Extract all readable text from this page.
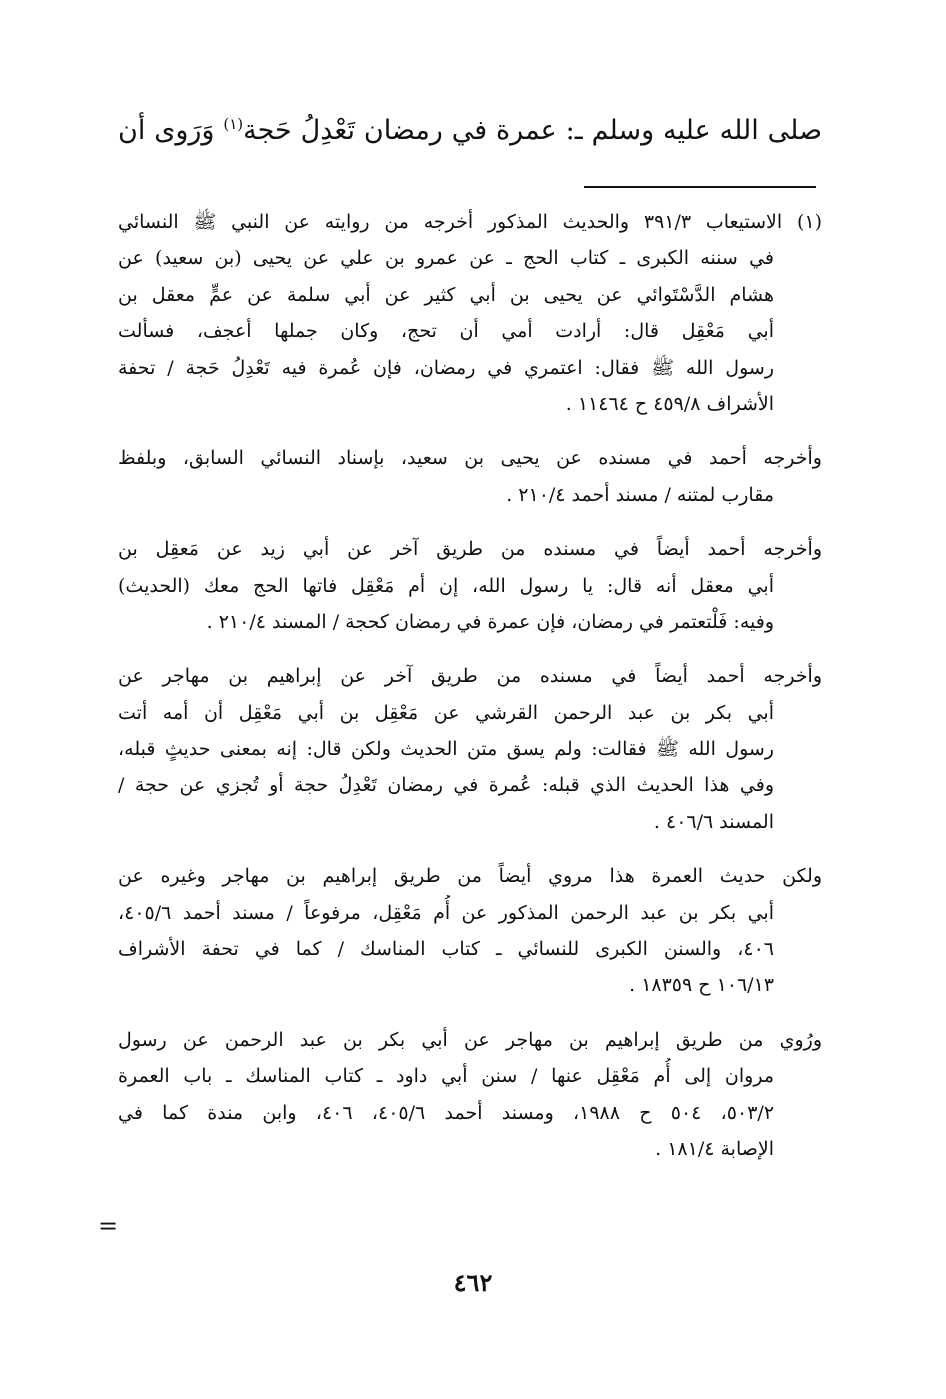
صلى الله عليه وسلم ـ: عمرة في رمضان تَعْدِلُ حَجة$^{(١)}$ وَرَوى أن
(١) الاستيعاب ٣٩١/٣ والحديث المذكور أخرجه من روايته عن النبي ﷺ النسائي
في سننه الكبرى ـ كتاب الحج ـ عن عمرو بن علي عن يحيى (بن سعيد) عن
هشام الدَّسْتَوائي عن يحيى بن أبي كثير عن أبي سلمة عن عمٍّ معقل بن
أبي مَعْقِل قال: أرادت أمي أن تحج، وكان جملها أعجف، فسألت
رسول الله ﷺ فقال: اعتمري في رمضان، فإن عُمرة فيه تَعْدِلُ حَجة / تحفة
الأشراف ٤٥٩/٨ ح ١١٤٦٤ .
وأخرجه أحمد في مسنده عن يحيى بن سعيد، بإسناد النسائي السابق، وبلفظ
مقارب لمتنه / مسند أحمد ٢١٠/٤ .
وأخرجه أحمد أيضاً في مسنده من طريق آخر عن أبي زيد عن مَعقِل بن
أبي معقل أنه قال: يا رسول الله، إن أم مَعْقِل فاتها الحج معك (الحديث)
وفيه: فَلْتعتمر في رمضان، فإن عمرة في رمضان كحجة / المسند ٢١٠/٤ .
وأخرجه أحمد أيضاً في مسنده من طريق آخر عن إبراهيم بن مهاجر عن
أبي بكر بن عبد الرحمن القرشي عن مَعْقِل بن أبي مَعْقِل أن أمه أتت
رسول الله ﷺ فقالت: ولم يسق متن الحديث ولكن قال: إنه بمعنى حديثٍ قبله،
وفي هذا الحديث الذي قبله: عُمرة في رمضان تَعْدِلُ حجة أو تُجزي عن حجة /
المسند ٤٠٦/٦ .
ولكن حديث العمرة هذا مروي أيضاً من طريق إبراهيم بن مهاجر وغيره عن
أبي بكر بن عبد الرحمن المذكور عن أُم مَعْقِل، مرفوعاً / مسند أحمد ٤٠٥/٦،
٤٠٦، والسنن الكبرى للنسائي ـ كتاب المناسك / كما في تحفة الأشراف
١٠٦/١٣ ح ١٨٣٥٩ .
ورُوي من طريق إبراهيم بن مهاجر عن أبي بكر بن عبد الرحمن عن رسول
مروان إلى أُم مَعْقِل عنها / سنن أبي داود ـ كتاب المناسك ـ باب العمرة
٥٠٣/٢، ٥٠٤ ح ١٩٨٨، ومسند أحمد ٤٠٥/٦، ٤٠٦، وابن مندة كما في
الإصابة ١٨١/٤ .
=
٤٦٢
